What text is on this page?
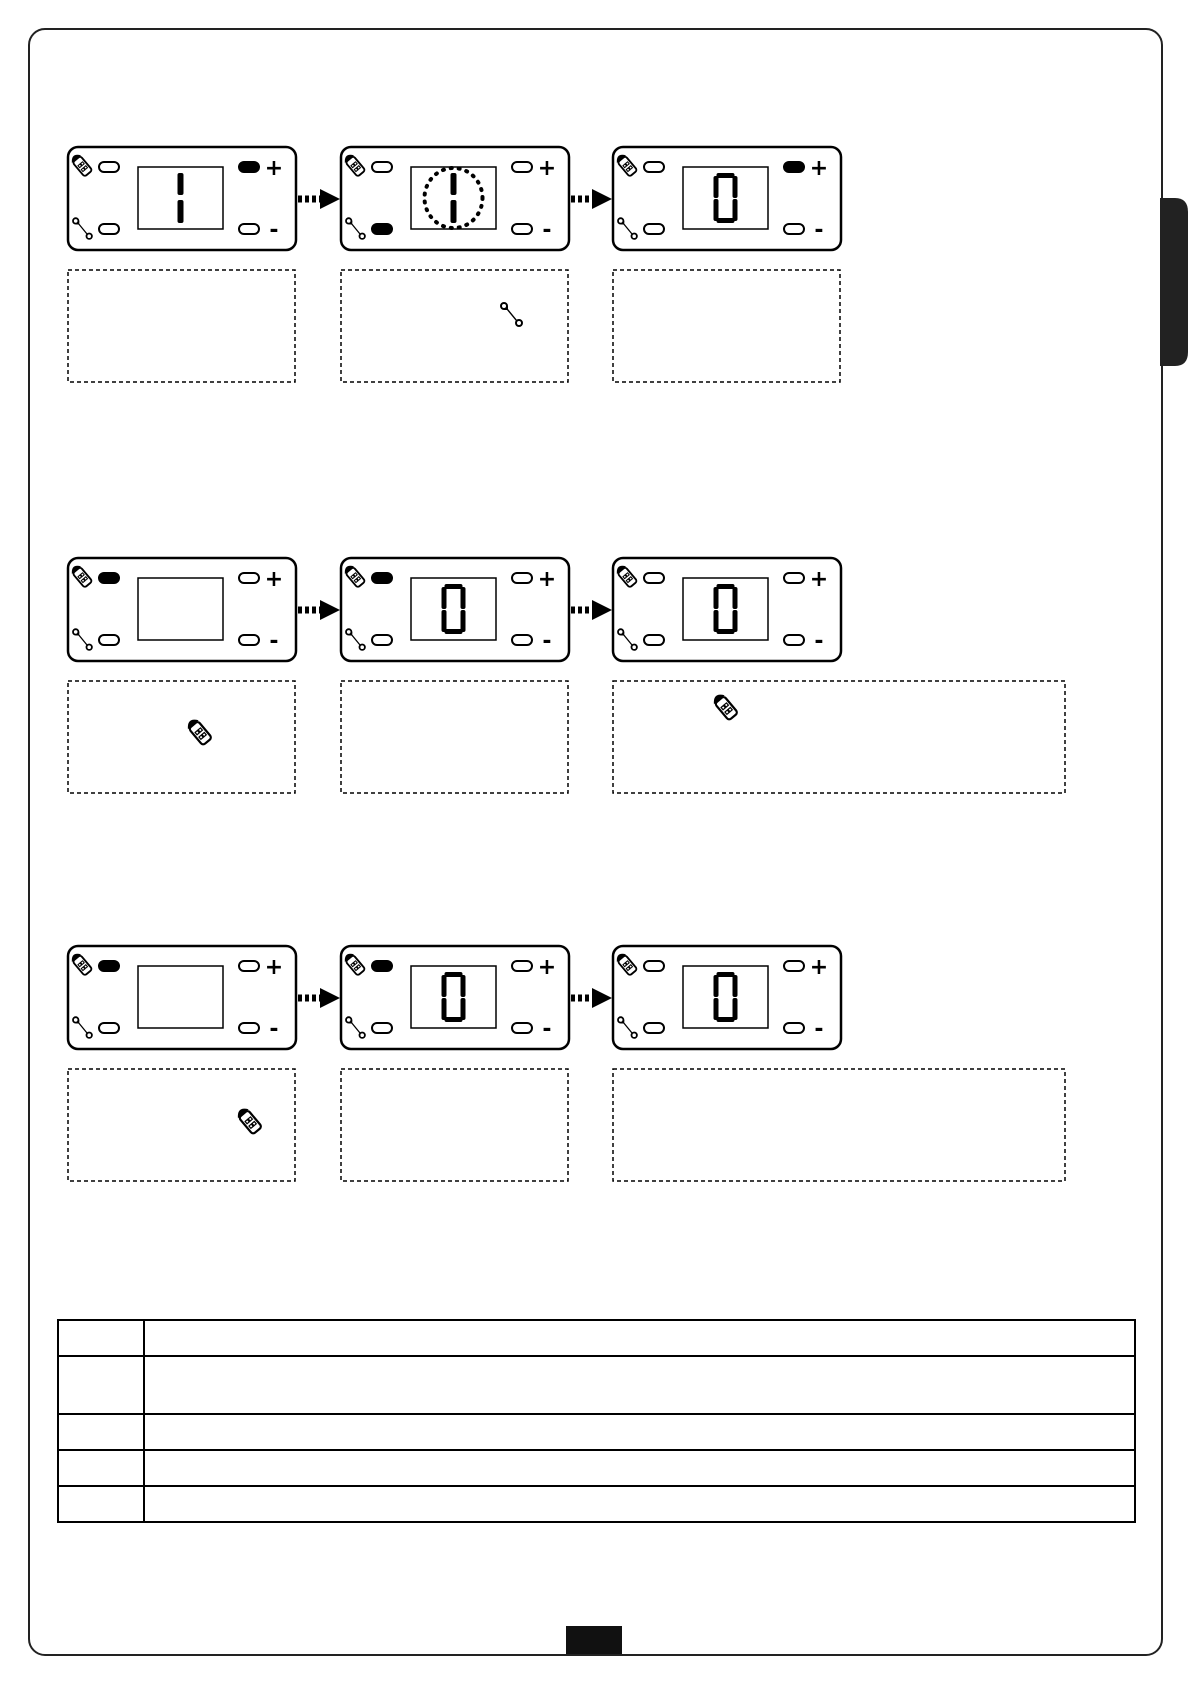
+
-
+
-
+
-
+
-
+
-
+
-
+
-
+
-
+
-
